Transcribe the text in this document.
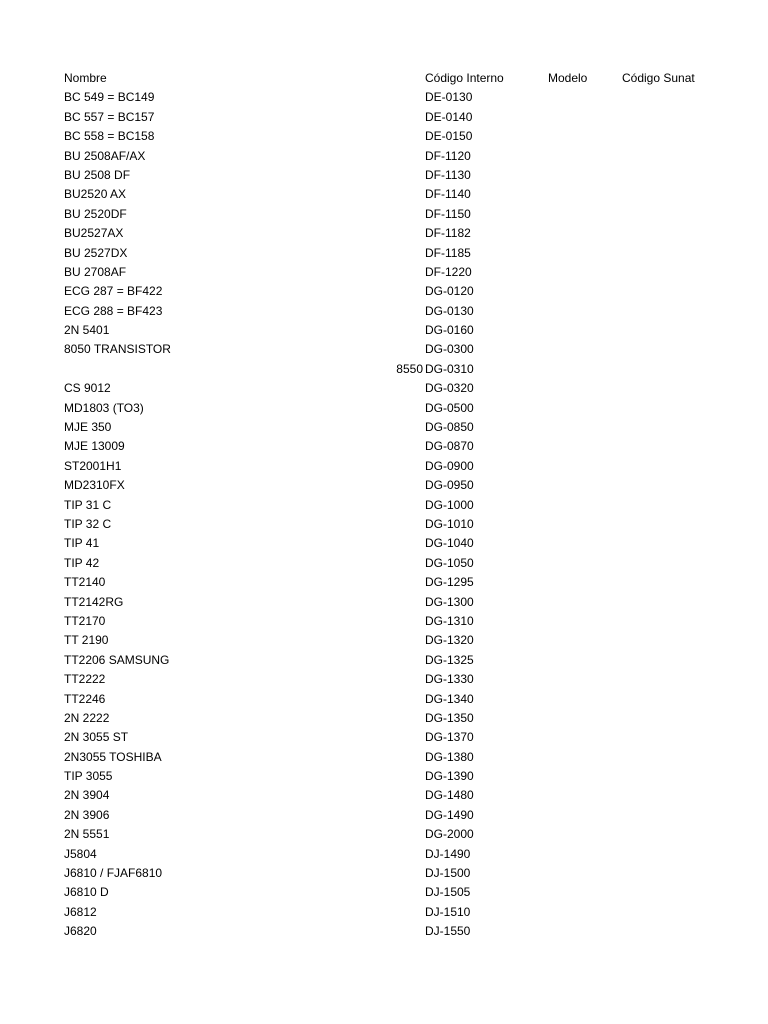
Nombre	Código Interno	Modelo	Código Sunat
BC 549 = BC149	DE-0130
BC 557 = BC157	DE-0140
BC 558 = BC158	DE-0150
BU 2508AF/AX	DF-1120
BU 2508 DF	DF-1130
BU2520 AX	DF-1140
BU 2520DF	DF-1150
BU2527AX	DF-1182
BU 2527DX	DF-1185
BU 2708AF	DF-1220
ECG 287 = BF422	DG-0120
ECG 288 = BF423	DG-0130
2N 5401	DG-0160
8050 TRANSISTOR	DG-0300
8550 DG-0310
CS 9012	DG-0320
MD1803 (TO3)	DG-0500
MJE 350	DG-0850
MJE 13009	DG-0870
ST2001H1	DG-0900
MD2310FX	DG-0950
TIP 31 C	DG-1000
TIP 32 C	DG-1010
TIP 41	DG-1040
TIP 42	DG-1050
TT2140	DG-1295
TT2142RG	DG-1300
TT2170	DG-1310
TT 2190	DG-1320
TT2206 SAMSUNG	DG-1325
TT2222	DG-1330
TT2246	DG-1340
2N 2222	DG-1350
2N 3055 ST	DG-1370
2N3055 TOSHIBA	DG-1380
TIP 3055	DG-1390
2N 3904	DG-1480
2N 3906	DG-1490
2N 5551	DG-2000
J5804	DJ-1490
J6810 / FJAF6810	DJ-1500
J6810 D	DJ-1505
J6812	DJ-1510
J6820	DJ-1550
